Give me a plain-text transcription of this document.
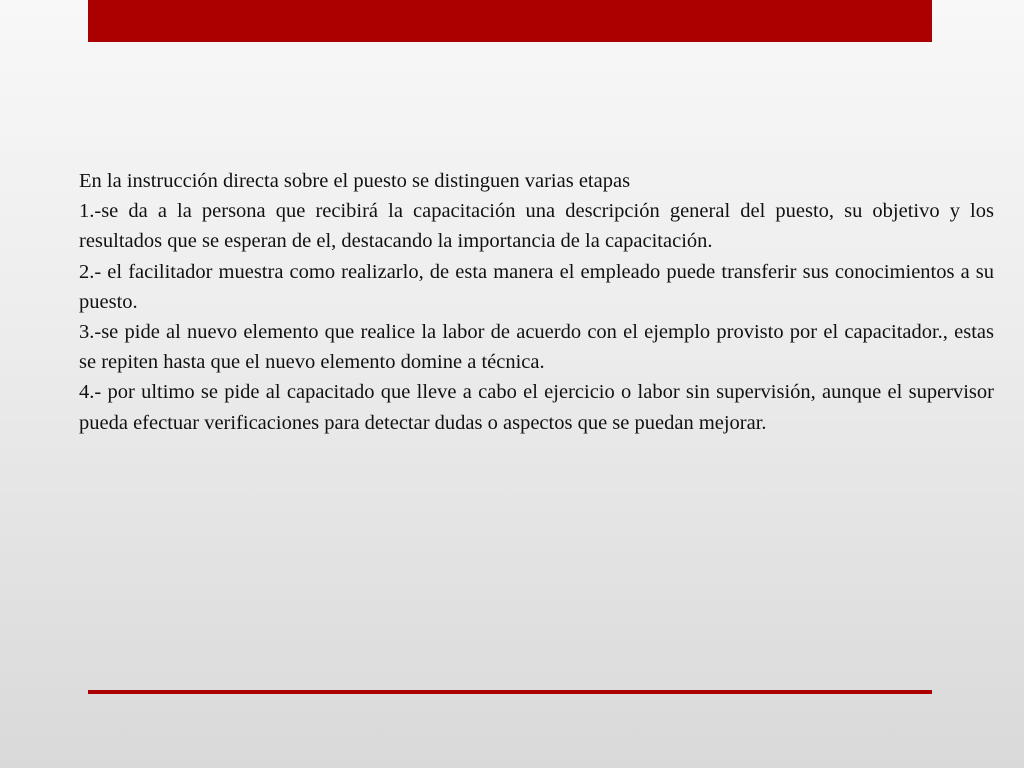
En la instrucción directa sobre el puesto se distinguen varias etapas

1.-se da a la persona que recibirá la capacitación una descripción general del puesto, su objetivo y los resultados que se esperan de el, destacando la importancia de la capacitación.

2.- el facilitador muestra como realizarlo, de esta manera el empleado puede transferir sus conocimientos a su puesto.

3.-se pide al nuevo elemento que realice la labor de acuerdo con el ejemplo provisto por el capacitador., estas se repiten hasta que el nuevo elemento domine a técnica.

4.- por ultimo se pide al capacitado que lleve a cabo el ejercicio o labor sin supervisión, aunque el supervisor pueda efectuar verificaciones para detectar dudas o aspectos que se puedan mejorar.
